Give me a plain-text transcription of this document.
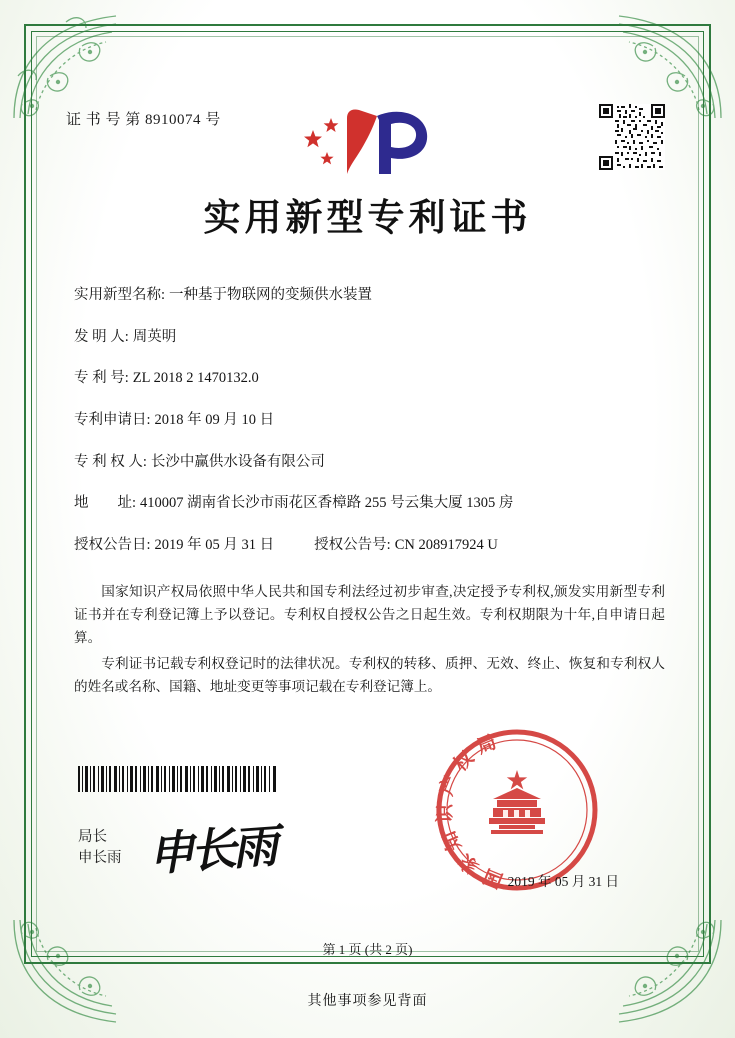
证 书 号 第 8910074 号
实用新型专利证书
实用新型名称: 一种基于物联网的变频供水装置
发 明 人: 周英明
专 利 号: ZL 2018 2 1470132.0
专利申请日: 2018 年 09 月 10 日
专 利 权 人: 长沙中赢供水设备有限公司
地        址: 410007 湖南省长沙市雨花区香樟路 255 号云集大厦 1305 房
授权公告日: 2019 年 05 月 31 日	授权公告号: CN 208917924 U

国家知识产权局依照中华人民共和国专利法经过初步审查,决定授予专利权,颁发实用新型专利证书并在专利登记簿上予以登记。专利权自授权公告之日起生效。专利权期限为十年,自申请日起算。

专利证书记载专利权登记时的法律状况。专利权的转移、质押、无效、终止、恢复和专利权人的姓名或名称、国籍、地址变更等事项记载在专利登记簿上。

局长
申长雨 申长雨	国家知识产权局
2019 年 05 月 31 日
第 1 页 (共 2 页)
其他事项参见背面
